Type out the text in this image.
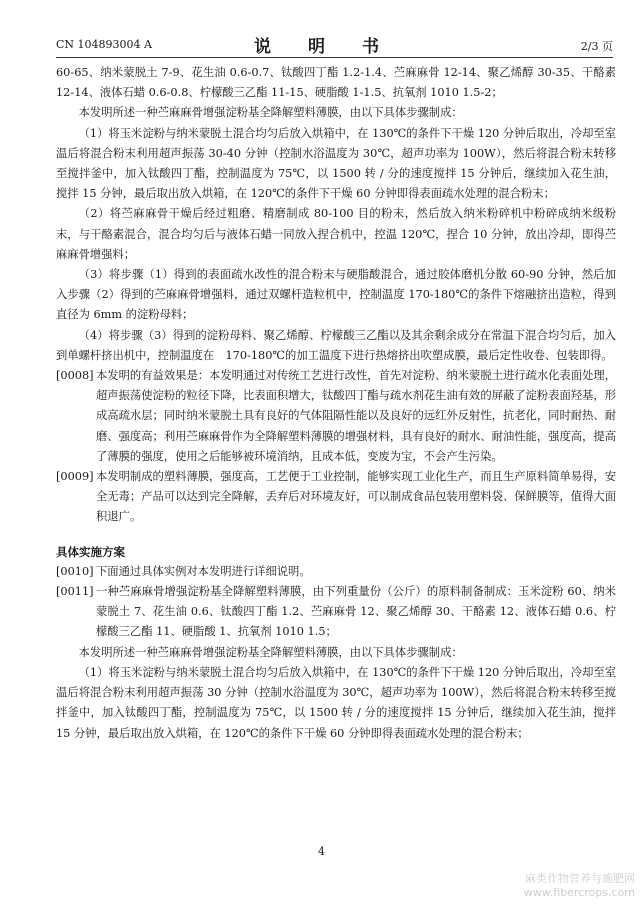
CN 104893004 A	说　明　书	2/3 页

60-65、纳米蒙脱土 7-9、花生油 0.6-0.7、钛酸四丁酯 1.2-1.4、苎麻麻骨 12-14、聚乙烯醇 30-35、干酪素 12-14、液体石蜡 0.6-0.8、柠檬酸三乙酯 11-15、硬脂酸 1-1.5、抗氧剂 1010 1.5-2；

本发明所述一种苎麻麻骨增强淀粉基全降解塑料薄膜，由以下具体步骤制成：

（1）将玉米淀粉与纳米蒙脱土混合均匀后放入烘箱中，在 130℃的条件下干燥 120 分钟后取出，冷却至室温后将混合粉末利用超声振荡 30-40 分钟（控制水浴温度为 30℃，超声功率为 100W），然后将混合粉末转移至搅拌釜中，加入钛酸四丁酯，控制温度为 75℃，以 1500 转 / 分的速度搅拌 15 分钟后，继续加入花生油，搅拌 15 分钟，最后取出放入烘箱，在 120℃的条件下干燥 60 分钟即得表面疏水处理的混合粉末；

（2）将苎麻麻骨干燥后经过粗磨、精磨制成 80-100 目的粉末，然后放入纳米粉碎机中粉碎成纳米级粉末，与干酪素混合，混合均匀后与液体石蜡一同放入捏合机中，控温 120℃，捏合 10 分钟，放出冷却，即得苎麻麻骨增强料；

（3）将步骤（1）得到的表面疏水改性的混合粉末与硬脂酸混合，通过胶体磨机分散 60-90 分钟，然后加入步骤（2）得到的苎麻麻骨增强料，通过双螺杆造粒机中，控制温度 170-180℃的条件下熔融挤出造粒，得到直径为 6mm 的淀粉母料；

（4）将步骤（3）得到的淀粉母料、聚乙烯醇、柠檬酸三乙酯以及其余剩余成分在常温下混合均匀后，加入到单螺杆挤出机中，控制温度在　170-180℃的加工温度下进行热熔挤出吹塑成膜，最后定性收卷、包装即得。

[0008] 本发明的有益效果是：本发明通过对传统工艺进行改性，首先对淀粉、纳米蒙脱土进行疏水化表面处理，超声振荡使淀粉的粒径下降，比表面积增大，钛酸四丁酯与疏水剂花生油有效的屏蔽了淀粉表面羟基，形成高疏水层；同时纳米蒙脱土具有良好的气体阻隔性能以及良好的远红外反射性，抗老化，同时耐热、耐磨、强度高；利用苎麻麻骨作为全降解塑料薄膜的增强材料，具有良好的耐水、耐油性能，强度高，提高了薄膜的强度，使用之后能够被环境消纳，且成本低，变废为宝，不会产生污染。

[0009] 本发明制成的塑料薄膜，强度高，工艺便于工业控制，能够实现工业化生产，而且生产原料简单易得，安全无毒；产品可以达到完全降解，丢弃后对环境友好，可以制成食品包装用塑料袋、保鲜膜等，值得大面积退广。

具体实施方案

[0010] 下面通过具体实例对本发明进行详细说明。

[0011] 一种苎麻麻骨增强淀粉基全降解塑料薄膜，由下列重量份（公斤）的原料制备制成：玉米淀粉 60、纳米蒙脱土 7、花生油 0.6、钛酸四丁酯 1.2、苎麻麻骨 12、聚乙烯醇 30、干酪素 12、液体石蜡 0.6、柠檬酸三乙酯 11、硬脂酸 1、抗氧剂 1010 1.5；

本发明所述一种苎麻麻骨增强淀粉基全降解塑料薄膜，由以下具体步骤制成：

（1）将玉米淀粉与纳米蒙脱土混合均匀后放入烘箱中，在 130℃的条件下干燥 120 分钟后取出，冷却至室温后将混合粉末利用超声振荡 30 分钟（控制水浴温度为 30℃，超声功率为 100W），然后将混合粉末转移至搅拌釜中，加入钛酸四丁酯，控制温度为 75℃，以 1500 转 / 分的速度搅拌 15 分钟后，继续加入花生油，搅拌 15 分钟，最后取出放入烘箱，在 120℃的条件下干燥 60 分钟即得表面疏水处理的混合粉末；

4
麻类作物营养与施肥网
www.fibercrops.com
